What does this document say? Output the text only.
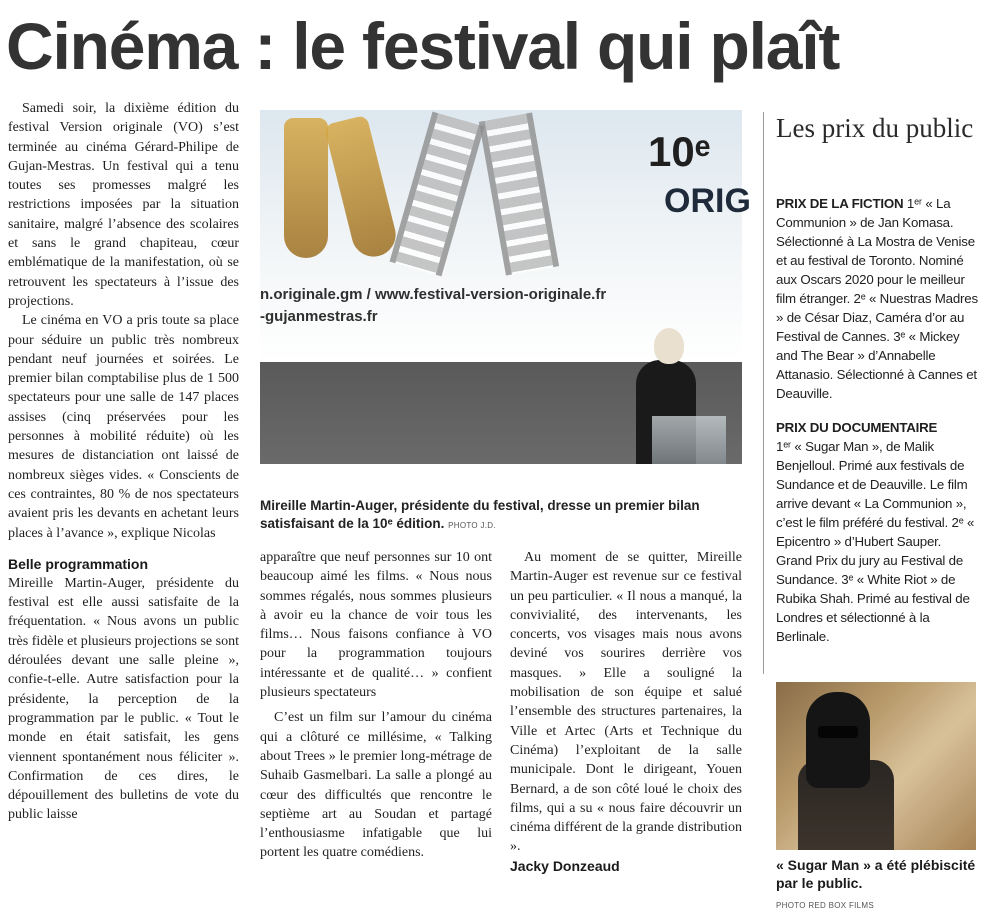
Cinéma : le festival qui plaît

Samedi soir, la dixième édition du festival Version originale (VO) s’est terminée au cinéma Gérard-Philipe de Gujan-Mestras. Un festival qui a tenu toutes ses promesses malgré les restrictions imposées par la situation sanitaire, malgré l’absence des scolaires et sans le grand chapiteau, cœur emblématique de la manifestation, où se retrouvent les spectateurs à l’issue des projections.

Le cinéma en VO a pris toute sa place pour séduire un public très nombreux pendant neuf journées et soirées. Le premier bilan comptabilise plus de 1 500 spectateurs pour une salle de 147 places assises (cinq préservées pour les personnes à mobilité réduite) où les mesures de distanciation ont laissé de nombreux sièges vides. « Conscients de ces contraintes, 80 % de nos spectateurs avaient pris les devants en achetant leurs places à l’avance », explique Nicolas

Belle programmation

Mireille Martin-Auger, présidente du festival est elle aussi satisfaite de la fréquentation. « Nous avons un public très fidèle et plusieurs projections se sont déroulées devant une salle pleine », confie-t-elle. Autre satisfaction pour la présidente, la perception de la programmation par le public. « Tout le monde en était satisfait, les gens viennent spontanément nous féliciter ». Confirmation de ces dires, le dépouillement des bulletins de vote du public laisse

10ᵉ
ORIG
n.originale.gm / www.festival-version-originale.fr
-gujanmestras.fr
Mireille Martin-Auger, présidente du festival, dresse un premier bilan satisfaisant de la 10ᵉ édition. PHOTO J.D.

apparaître que neuf personnes sur 10 ont beaucoup aimé les films. « Nous nous sommes régalés, nous sommes plusieurs à avoir eu la chance de voir tous les films… Nous faisons confiance à VO pour la programmation toujours intéressante et de qualité… » confient plusieurs spectateurs

C’est un film sur l’amour du cinéma qui a clôturé ce millésime, « Talking about Trees » le premier long-métrage de Suhaib Gasmelbari. La salle a plongé au cœur des difficultés que rencontre le septième art au Soudan et partagé l’enthousiasme infatigable que lui portent les quatre comédiens.

Au moment de se quitter, Mireille Martin-Auger est revenue sur ce festival un peu particulier. « Il nous a manqué, la convivialité, des intervenants, les concerts, vos visages mais nous avons deviné vos sourires derrière vos masques. » Elle a souligné la mobilisation de son équipe et salué l’ensemble des structures partenaires, la Ville et Artec (Arts et Technique du Cinéma) l’exploitant de la salle municipale. Dont le dirigeant, Youen Bernard, a de son côté loué le choix des films, qui a su « nous faire découvrir un cinéma différent de la grande distribution ».

Jacky Donzeaud
Les prix du public
PRIX DE LA FICTION 1ᵉʳ « La Communion » de Jan Komasa. Sélectionné à La Mostra de Venise et au festival de Toronto. Nominé aux Oscars 2020 pour le meilleur film étranger. 2ᵉ « Nuestras Madres » de César Diaz, Caméra d’or au Festival de Cannes. 3ᵉ « Mickey and The Bear » d’Annabelle Attanasio. Sélectionné à Cannes et Deauville.
PRIX DU DOCUMENTAIRE
1ᵉʳ « Sugar Man », de Malik Benjelloul. Primé aux festivals de Sundance et de Deauville. Le film arrive devant « La Communion », c’est le film préféré du festival. 2ᵉ « Epicentro » d’Hubert Sauper. Grand Prix du jury au Festival de Sundance. 3ᵉ « White Riot » de Rubika Shah. Primé au festival de Londres et sélectionné à la Berlinale.
« Sugar Man » a été plébiscité par le public.
PHOTO RED BOX FILMS
